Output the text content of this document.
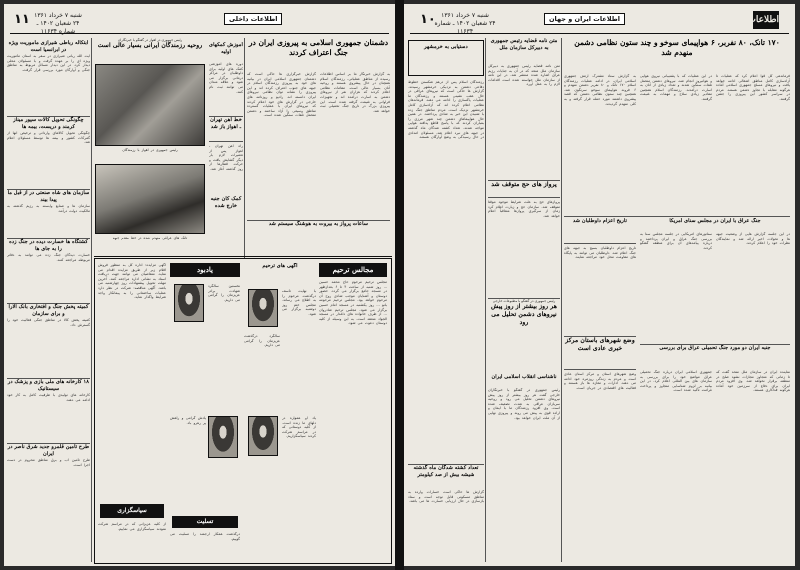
۱۱ شنبه ۷ خرداد ۱۳۶۱
۲۴ شعبان ۱۴۰۲ ـ شماره ۱۱۶۳۴
اطلاعات داخلی
دشمنان جمهوری اسلامی به پیروزی ایران در جنگ اعتراف کردند
گزارش خبرگزاری ها حاکی است که دشمنان جمهوری اسلامی ایران در بیانیه های خود به پیروزی رزمندگان اسلام در جبهه های جنوب اعتراف کرده اند و این پیروزی را نشانه توان نظامی نیروهای ایران دانسته اند. رادیو و روزنامه های خارجی در گزارش های خود اعلام کردند که نیروهای ایران با عملیات گسترده مناطق وسیعی را آزاد ساختند و دشمن متحمل تلفات سنگین شده است.
به گزارش خبرنگار ما بر اساس اطلاعات رسیده از مناطق عملیاتی، رزمندگان اسلام همچنان در حال پیشروی هستند و روحیه آنان بسیار عالی است. مقامات نظامی اعلام کردند که هزاران نفر از نیروهای دشمن به اسارت درآمده اند و تجهیزات فراوانی به غنیمت گرفته شده است. این پیروزی بزرگ در تاریخ جنگ تحمیلی ثبت خواهد شد.
ساعات پرواز به بیروت به هوشنگ سیستم شد
آموزش کمکهای اولیه
دوره های آموزشی کمک های اولیه برای داوطلبان در مراکز درمانی برگزار می شود و علاقه مندان می توانند ثبت نام کنند.
خط آهن تهران ـ اهواز باز شد
راه آهن تهران ـ اهواز پس از تعمیرات لازم بار دیگر گشایش یافت و حرکت قطارها از روز گذشته آغاز شد.
کمک کان جنبه خارج شده
رئیس جمهوری در اهواز در گفتگو با خبرنگاران
روحیه رزمندگان ایرانی بسیار عالی است
رئیس جمهوری در اهواز با رزمندگان
تانک های عراقی منهدم شده در خط مقدم جبهه
ابتکاله رباطی شیرازی ماموریت ویژه در ابرانسیا است
آیت الله ربانی شیرازی در سفر به استان مأموریت ویژه ای را بر عهده گرفت و با مسئولان محلی دیدار کرد. در این دیدار مسائل مربوط به مناطق جنگی و آوارگان مورد بررسی قرار گرفت.
چگونگی تحویل کالات سپور میناز کرمند و دریست، بیمه ها
چگونگی تحویل کالاهای وارداتی و ترخیص آنها از گمرکات کشور و بیمه ها توسط مسئولان اعلام شد.
سازمان های شاه صنعتی در از قبل ما پیدا بیند
سازمان ها و صنایع وابسته به رژیم گذشته به مالکیت دولت درآمد.
کشتگاه ها خسارت دیده در جنگ زده را به جای ها
خسارت دیدگان جنگ زده می توانند به دفاتر مربوطه مراجعه کنند.
کمیته پخش جنگ و افتخاری بانک الارا و برای سازمان
کمیته پخش کالا در مناطق جنگی فعالیت خود را گسترش داد.
۱۸ کارخانه های ملی بازی و پزشک در سیستانیک
کارخانه های تولیدی با ظرفیت کامل به کار خود ادامه می دهند.
طرح تامین قلمرو جدید شرق ناصر در ایران
طرح تأمین آب و برق مناطق محروم در دست اجرا است.
مجالس ترحیم
مجلس ترحیم مرحوم حاج محمد حسین ... روز شنبه از ساعت ۴ تا ۶ بعدازظهر در مسجد جامع برگزار می گردد. حضور دوستان و آشنایان موجب شادی روح آن مرحوم خواهد بود. مجلس ترحیم مرحومه بانو ... روز یکشنبه در مسجد امام حسین برگزار می شود. مجلس ترحیم شادروان ... از طرف خانواده های داغدار در مسجد الجواد منعقد است. به این وسیله از کلیه دوستان دعوت می شود.
آگهی های ترحیم
با نهایت تأسف درگذشت مرحوم را به اطلاع می رساند. مجلس ختم روز دوشنبه برگزار می شود.
سالگرد درگذشت عزیزمان را گرامی می داریم.
یاد او همواره در دلهای ما زنده است. از کلیه دوستانی که در مراسم شرکت کردند سپاسگزاریم.
یادبود
نخستین سالگرد شهادت برادر عزیزمان را گرامی می داریم.
یادش گرامی و راهش پر رهرو باد.
تسلیت
درگذشت همکار ارجمند را تسلیت می گوییم.
آگهی مزایده: اداره کل به منظور فروش اقلام زیر از طریق مزایده اقدام می نماید. متقاضیان می توانند جهت دریافت اسناد به نشانی اداره مراجعه کنند. آخرین مهلت تحویل پیشنهادات روز چهارشنبه می باشد. آگهی مناقصه: شرکت در نظر دارد عملیات ساختمانی را به پیمانکار واجد شرایط واگذار نماید.
سپاسگزاری
از کلیه عزیزانی که در مراسم شرکت نمودند سپاسگزاری می نماییم.
۱۰ شنبه ۷ خرداد ۱۳۶۱
۲۴ شعبان ۱۴۰۲ ـ شماره ۱۱۶۳۴
اطلاعات ایران و جهان	اطلاعات
۱۷۰ تانک، ۸۰ نفربر، ۶ هواپیمای سوخو و چند ستون نظامی دشمن منهدم شد
به گزارش ستاد مشترک ارتش جمهوری اسلامی ایران، در ادامه عملیات رزمندگان اسلام ۱۷۰ تانک و ۸۰ نفربر دشمن منهدم و ۶ فروند هواپیمای سوخو سرنگون شد. همچنین چند ستون نظامی دشمن که قصد پیشروی داشتند مورد حمله قرار گرفته و به کلی منهدم گردیدند.
در این عملیات که با پشتیبانی نیروی هوایی و هوانیروز انجام شد، نیروهای دشمن متحمل تلفات سنگین شدند و تعداد زیادی از آنان به اسارت درآمدند. رزمندگان اسلام همچنین مقادیر زیادی سلاح و مهمات به غنیمت گرفتند.
فرماندهی کل قوا اعلام کرد که عملیات تا آزادسازی کامل مناطق اشغالی ادامه خواهد یافت و نیروهای مسلح جمهوری اسلامی آماده هرگونه مقابله با تجاوز دشمن هستند. مردم در سراسر کشور این پیروزی را جشن گرفتند.
جنگ عراق با ایران در مجلس سنای آمریکا
سناتورهای آمریکایی در جلسه مجلس سنا به بررسی جنگ عراق و ایران پرداختند و درباره پیامدهای آن برای منطقه گفتگو کردند.
در این جلسه گزارش هایی از وضعیت جبهه ها و تحولات اخیر ارائه شد و نمایندگان نظرات خود را اعلام کردند.
تاریخ اعزام داوطلبان شد
تاریخ اعزام داوطلبان بسیج به جبهه های جنگ اعلام شد. داوطلبان می توانند به پایگاه های مقاومت محل خود مراجعه نمایند.
وضع شهرهای باستان مرکز خبری عادی است
وضع شهرهای استان و مرکز استان عادی است و مردم به زندگی روزمره خود ادامه می دهند. ادارات و مغازه ها باز هستند و فعالیت های اقتصادی در جریان است.
جنبه ایران دو مورد جنگ تحمیلی عراق برای بررسی
جمهوری اسلامی ایران درباره جنگ تحمیلی عراق مواضع خود را برای بررسی به سازمان های بین المللی اعلام کرد. در این بیانیه بر لزوم شناسایی متجاوز و پرداخت غرامت تأکید شده است.
نماینده ایران در سازمان ملل متحد گفت که تا زمانی که متجاوز مجازات نشود صلح در منطقه برقرار نخواهد شد. وی افزود مردم ایران برای دفاع از سرزمین خود آماده هرگونه فداکاری هستند.
متن نامه قضایه رئیس جمهوری به دبیرکل سازمان ملل
متن نامه قضایه رئیس جمهوری به دبیرکل سازمان ملل متحد که در آن به جنایات رژیم عراق اشاره شده منتشر شد. در این نامه از سازمان ملل خواسته شده است اقدامات لازم را به عمل آورد.
پرواز های حج متوقف شد
پروازهای حج به علت شرایط موجود موقتاً متوقف شد. سازمان حج و زیارت اعلام کرد زمان از سرگیری پروازها متعاقباً اعلام خواهد شد.
رئیس جمهوری در گفتگو با مطبوعات خارجی
هر روز بیشتر از روز پیش نیروهای دشمن تحلیل می رود
ناشناسی انقلاب اسلامی ایران
رئیس جمهوری در گفتگو با خبرنگاران خارجی گفت هر روز بیشتر از روز پیش نیروهای دشمن تحلیل می رود و روحیه سربازان عراقی به شدت تضعیف شده است. وی افزود رزمندگان ما با ایمان و اراده قوی به پیش می روند و پیروزی نهایی از آن ملت ایران خواهد بود.
دستیابی به خرمشهر
رزمندگان اسلام پس از درهم شکستن خطوط دفاعی دشمن به نزدیکی خرمشهر رسیدند. گزارش ها حاکی است که نیروهای عراقی در حال عقب نشینی هستند و رزمندگان ما عملیات پاکسازی را ادامه می دهند. فرماندهان نظامی اعلام کرده اند که آزادسازی کامل خرمشهر نزدیک است. مردم مناطق جنگ زده با شنیدن این خبر به شادی پرداختند. در همین حال هواپیماهای دشمن چند شهر مرزی را بمباران کردند که با پاسخ قاطع پدافند هوایی مواجه شدند. تعداد کشته شدگان ماه گذشته در جبهه های نبرد اعلام شد. مسئولان امدادی در حال رسیدگی به وضع آوارگان هستند.
تعداد کشته شدگان ماه گذشته شیشه بیش از صد کیلومتر
گزارش ها حاکی است خسارات وارده به مناطق مسکونی قابل توجه است و ستاد بازسازی در حال ارزیابی خسارت ها می باشد.
